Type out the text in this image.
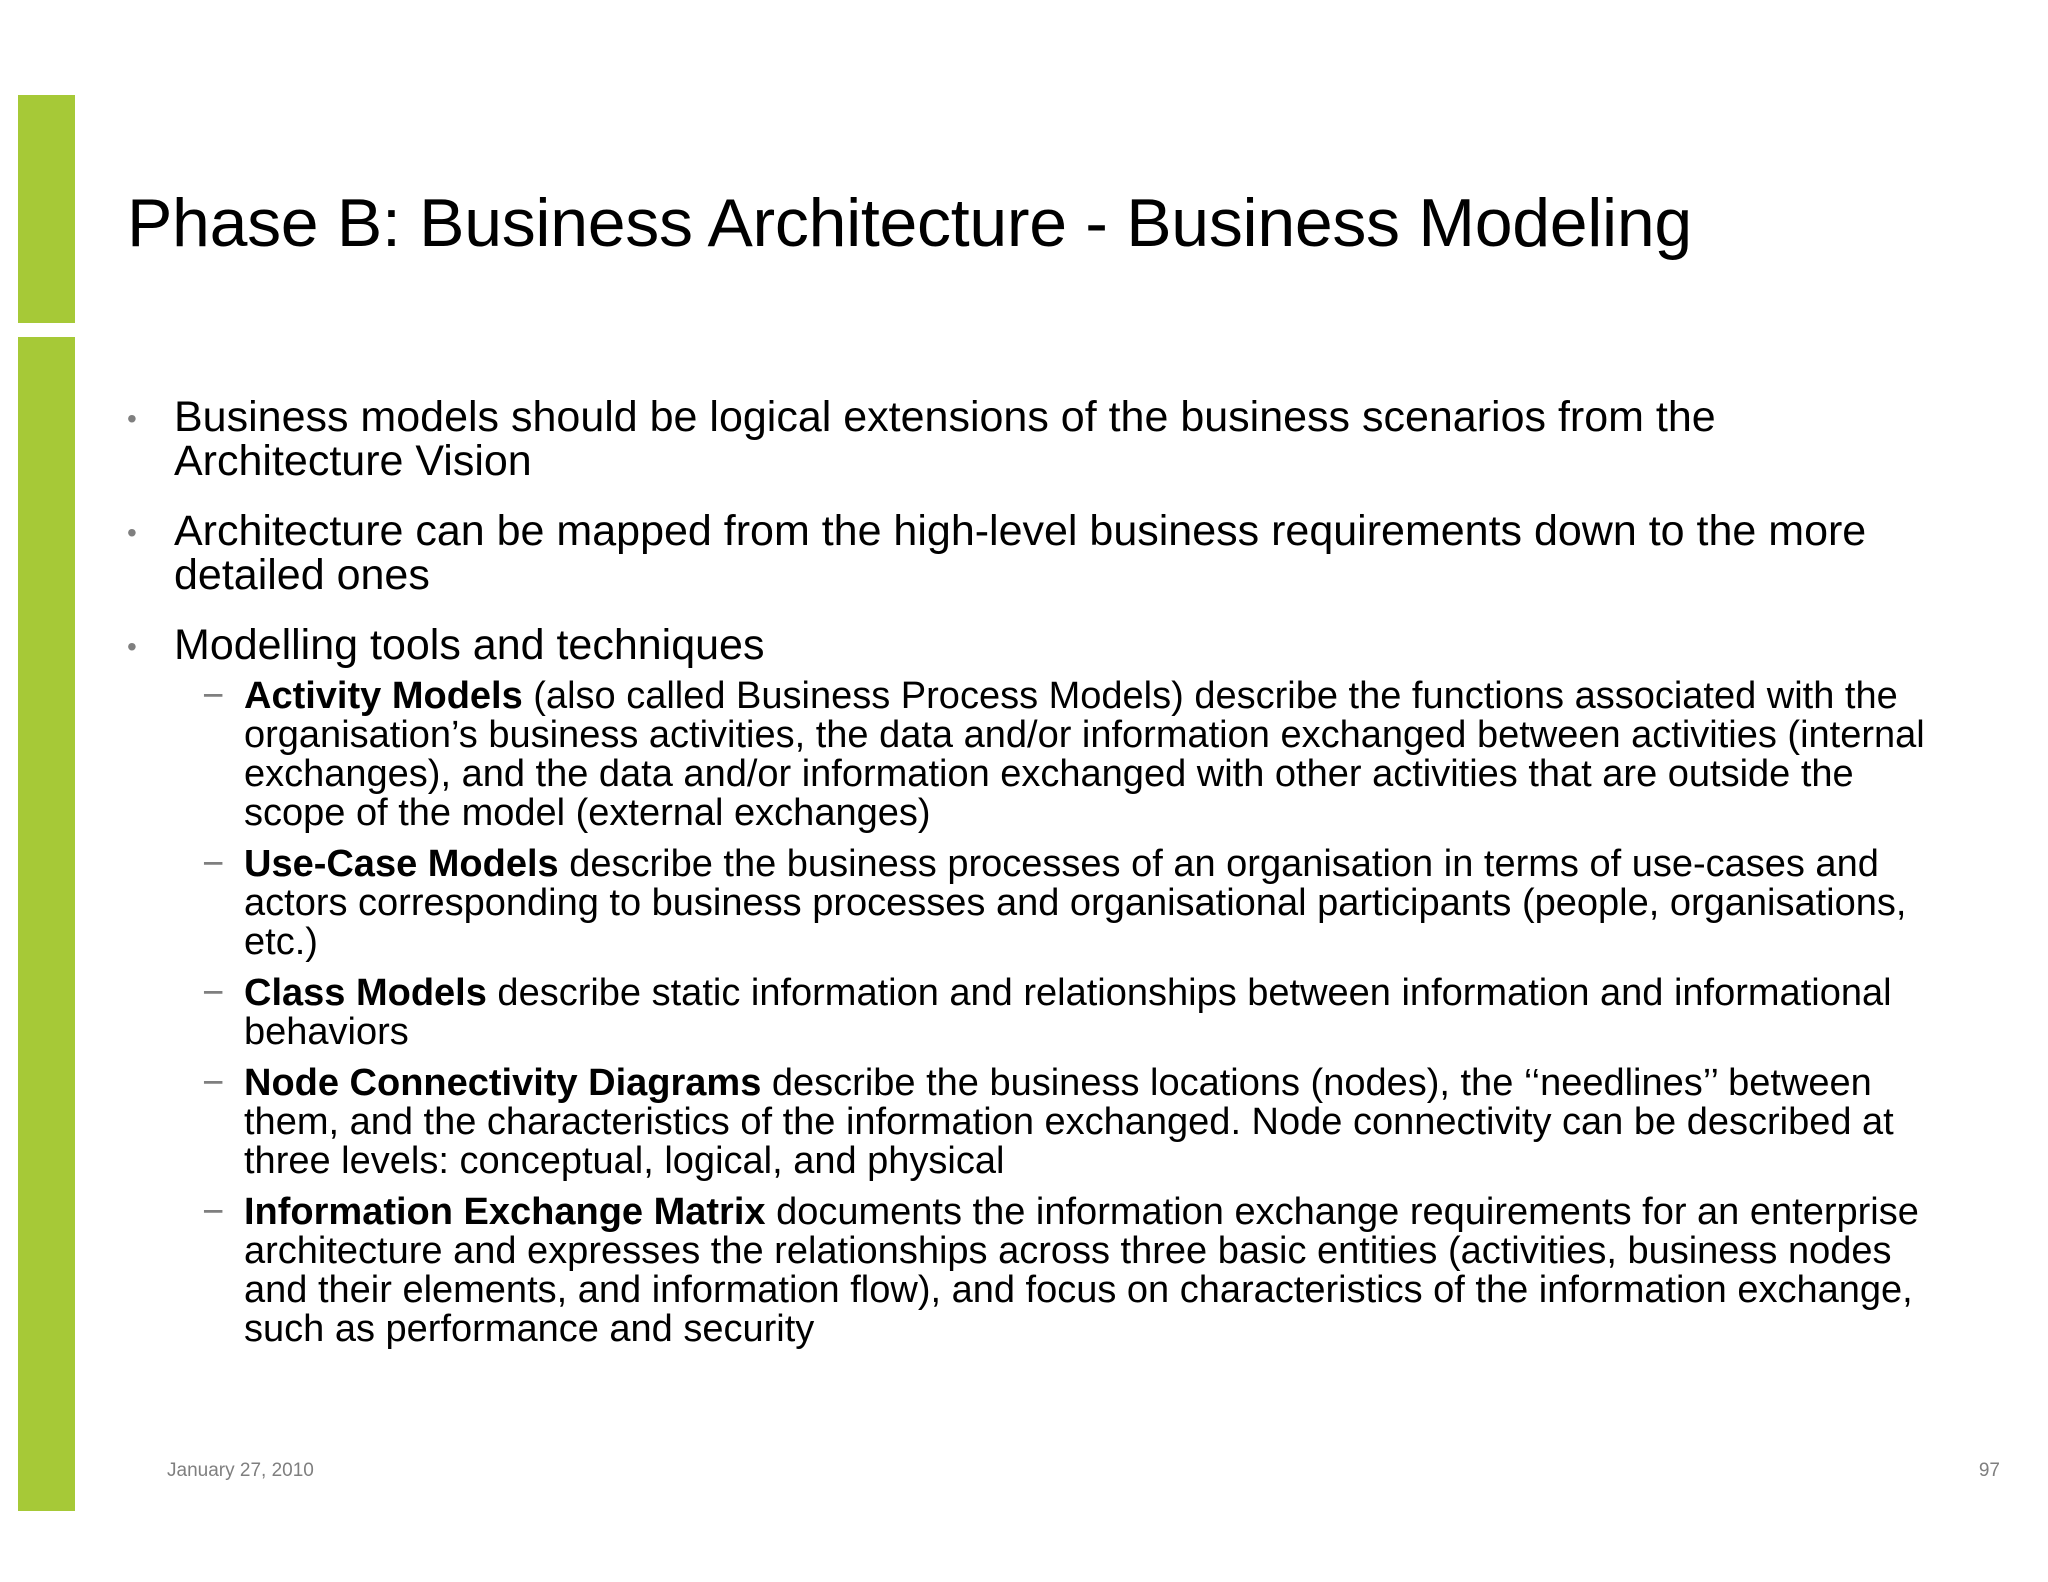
Phase B: Business Architecture - Business Modeling
• Business models should be logical extensions of the business scenarios from the Architecture Vision
• Architecture can be mapped from the high-level business requirements down to the more detailed ones
• Modelling tools and techniques
− Activity Models (also called Business Process Models) describe the functions associated with the organisation’s business activities, the data and/or information exchanged between activities (internal exchanges), and the data and/or information exchanged with other activities that are outside the scope of the model (external exchanges)
− Use-Case Models describe the business processes of an organisation in terms of use-cases and actors corresponding to business processes and organisational participants (people, organisations, etc.)
− Class Models describe static information and relationships between information and informational behaviors
− Node Connectivity Diagrams describe the business locations (nodes), the ‘‘needlines’’ between them, and the characteristics of the information exchanged. Node connectivity can be described at three levels: conceptual, logical, and physical
− Information Exchange Matrix documents the information exchange requirements for an enterprise architecture and expresses the relationships across three basic entities (activities, business nodes and their elements, and information flow), and focus on characteristics of the information exchange, such as performance and security
January 27, 2010	97
